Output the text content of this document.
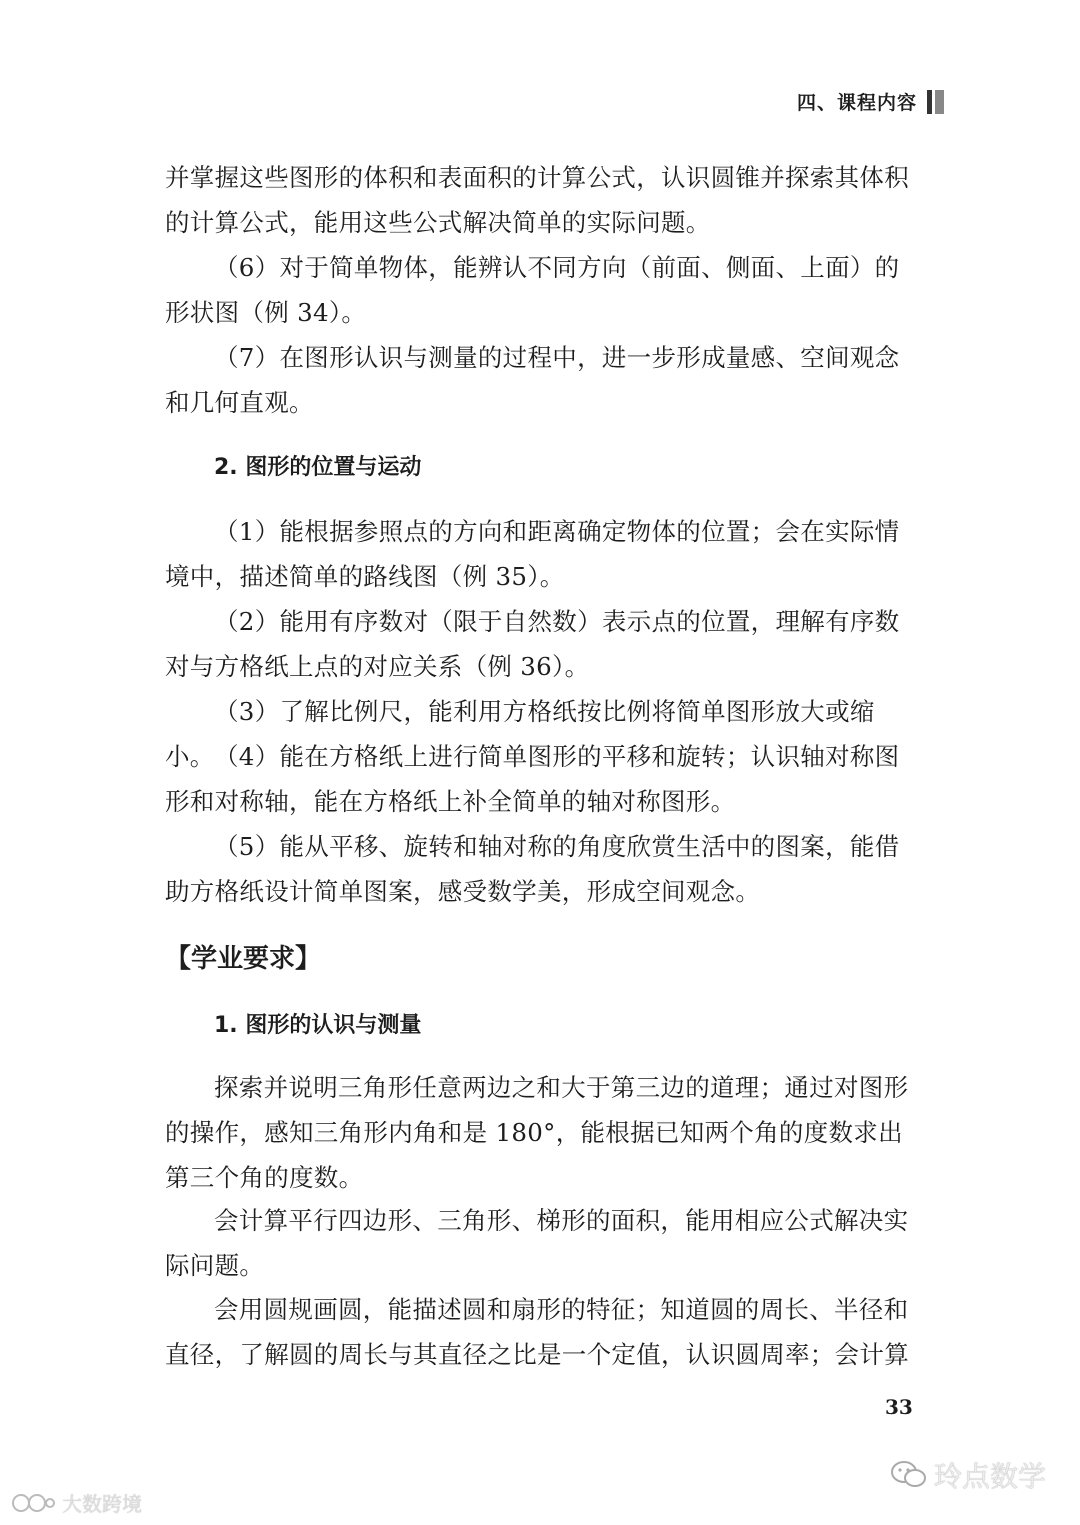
四、课程内容

并掌握这些图形的体积和表面积的计算公式，认识圆锥并探索其体积的计算公式，能用这些公式解决简单的实际问题。

（6）对于简单物体，能辨认不同方向（前面、侧面、上面）的形状图（例 34）。

（7）在图形认识与测量的过程中，进一步形成量感、空间观念和几何直观。

2. 图形的位置与运动

（1）能根据参照点的方向和距离确定物体的位置；会在实际情境中，描述简单的路线图（例 35）。

（2）能用有序数对（限于自然数）表示点的位置，理解有序数对与方格纸上点的对应关系（例 36）。

（3）了解比例尺，能利用方格纸按比例将简单图形放大或缩小。 （4）能在方格纸上进行简单图形的平移和旋转；认识轴对称图形和对称轴，能在方格纸上补全简单的轴对称图形。

（5）能从平移、旋转和轴对称的角度欣赏生活中的图案，能借助方格纸设计简单图案，感受数学美，形成空间观念。

【学业要求】

1. 图形的认识与测量

探索并说明三角形任意两边之和大于第三边的道理；通过对图形的操作，感知三角形内角和是 180°，能根据已知两个角的度数求出第三个角的度数。

会计算平行四边形、三角形、梯形的面积，能用相应公式解决实际问题。

会用圆规画圆，能描述圆和扇形的特征；知道圆的周长、半径和直径，了解圆的周长与其直径之比是一个定值，认识圆周率；会计算

33
大数跨境
玲点数学
